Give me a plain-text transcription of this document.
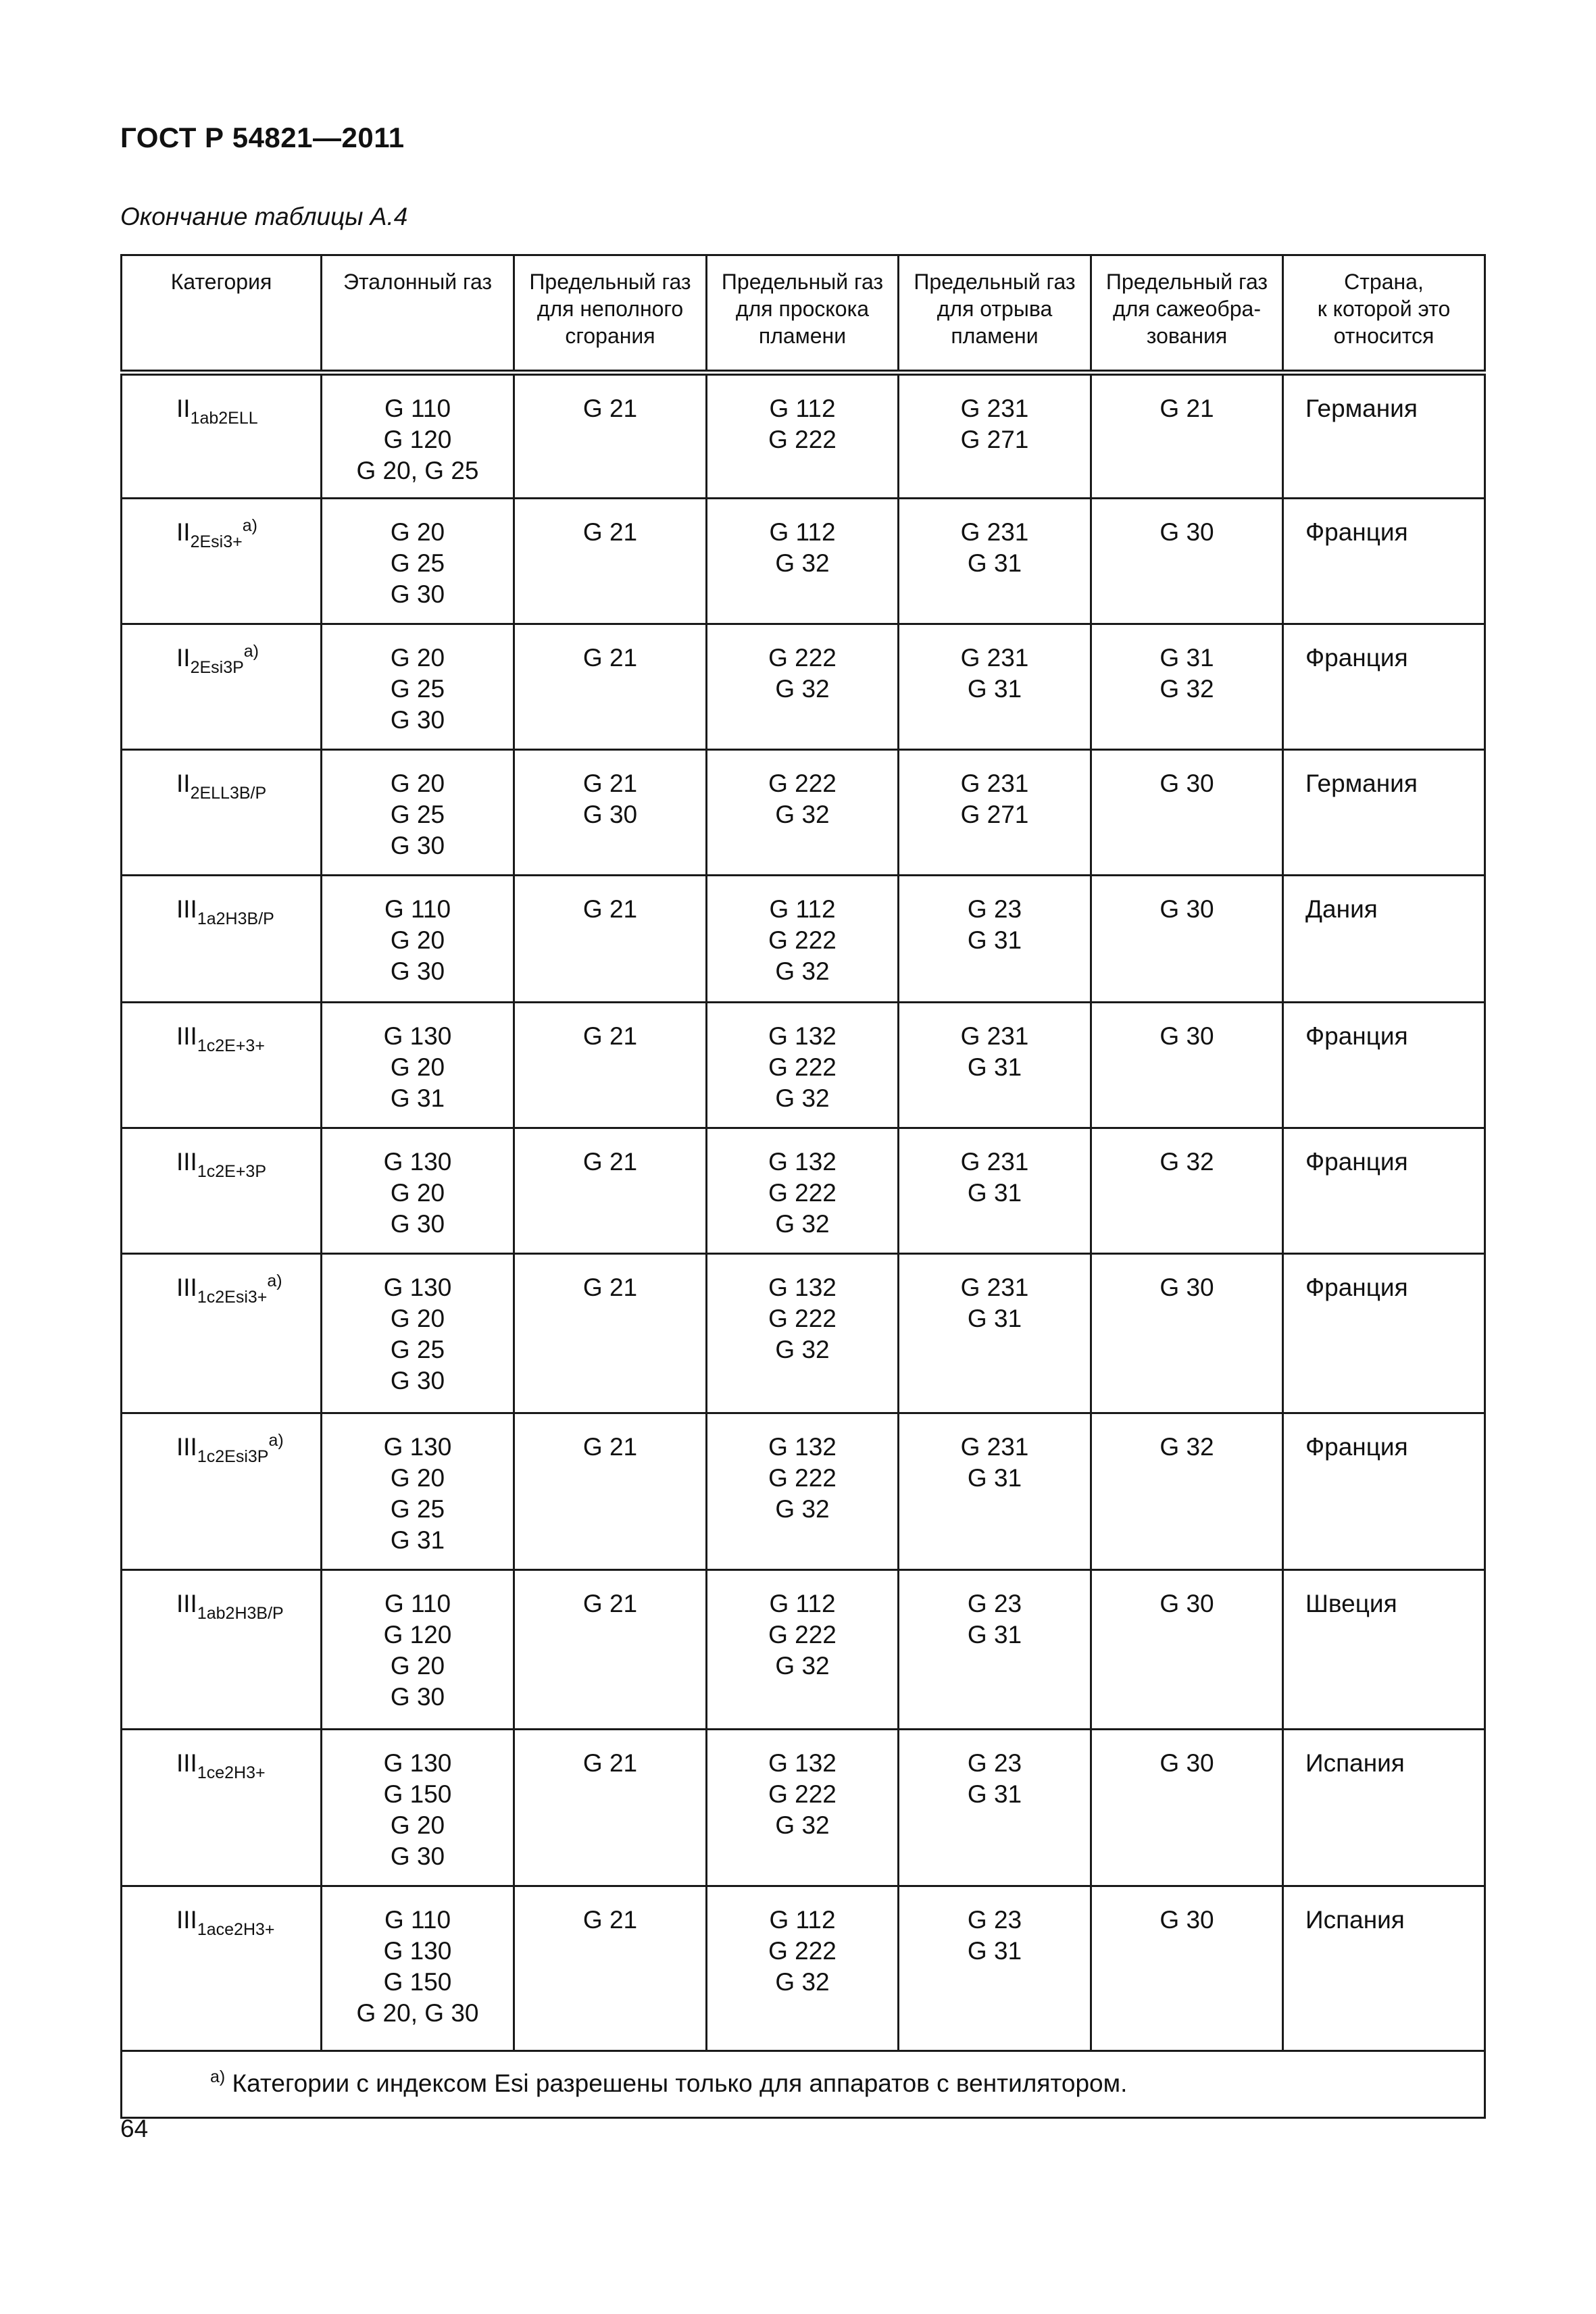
ГОСТ Р 54821—2011
Окончание таблицы А.4
Категория	Эталонный газ	Предельный газ
для неполного
сгорания	Предельный газ
для проскока
пламени	Предельный газ
для отрыва
пламени	Предельный газ
для сажеобра-
зования	Страна,
к которой это
относится

$II_{1ab2ELL}$	G 110
G 120
G 20, G 25	G 21	G 112
G 222	G 231
G 271	G 21	Германия
$II_{2Esi3+}^{a)}$	G 20
G 25
G 30	G 21	G 112
G 32	G 231
G 31	G 30	Франция
$II_{2Esi3P}^{a)}$	G 20
G 25
G 30	G 21	G 222
G 32	G 231
G 31	G 31
G 32	Франция
$II_{2ELL3B/P}$	G 20
G 25
G 30	G 21
G 30	G 222
G 32	G 231
G 271	G 30	Германия
$III_{1a2H3B/P}$	G 110
G 20
G 30	G 21	G 112
G 222
G 32	G 23
G 31	G 30	Дания
$III_{1c2E+3+}$	G 130
G 20
G 31	G 21	G 132
G 222
G 32	G 231
G 31	G 30	Франция
$III_{1c2E+3P}$	G 130
G 20
G 30	G 21	G 132
G 222
G 32	G 231
G 31	G 32	Франция
$III_{1c2Esi3+}^{a)}$	G 130
G 20
G 25
G 30	G 21	G 132
G 222
G 32	G 231
G 31	G 30	Франция
$III_{1c2Esi3P}^{a)}$	G 130
G 20
G 25
G 31	G 21	G 132
G 222
G 32	G 231
G 31	G 32	Франция
$III_{1ab2H3B/P}$	G 110
G 120
G 20
G 30	G 21	G 112
G 222
G 32	G 23
G 31	G 30	Швеция
$III_{1ce2H3+}$	G 130
G 150
G 20
G 30	G 21	G 132
G 222
G 32	G 23
G 31	G 30	Испания
$III_{1ace2H3+}$	G 110
G 130
G 150
G 20, G 30	G 21	G 112
G 222
G 32	G 23
G 31	G 30	Испания
$^{а)}$ Категории с индексом Esi разрешены только для аппаратов с вентилятором.						
64
